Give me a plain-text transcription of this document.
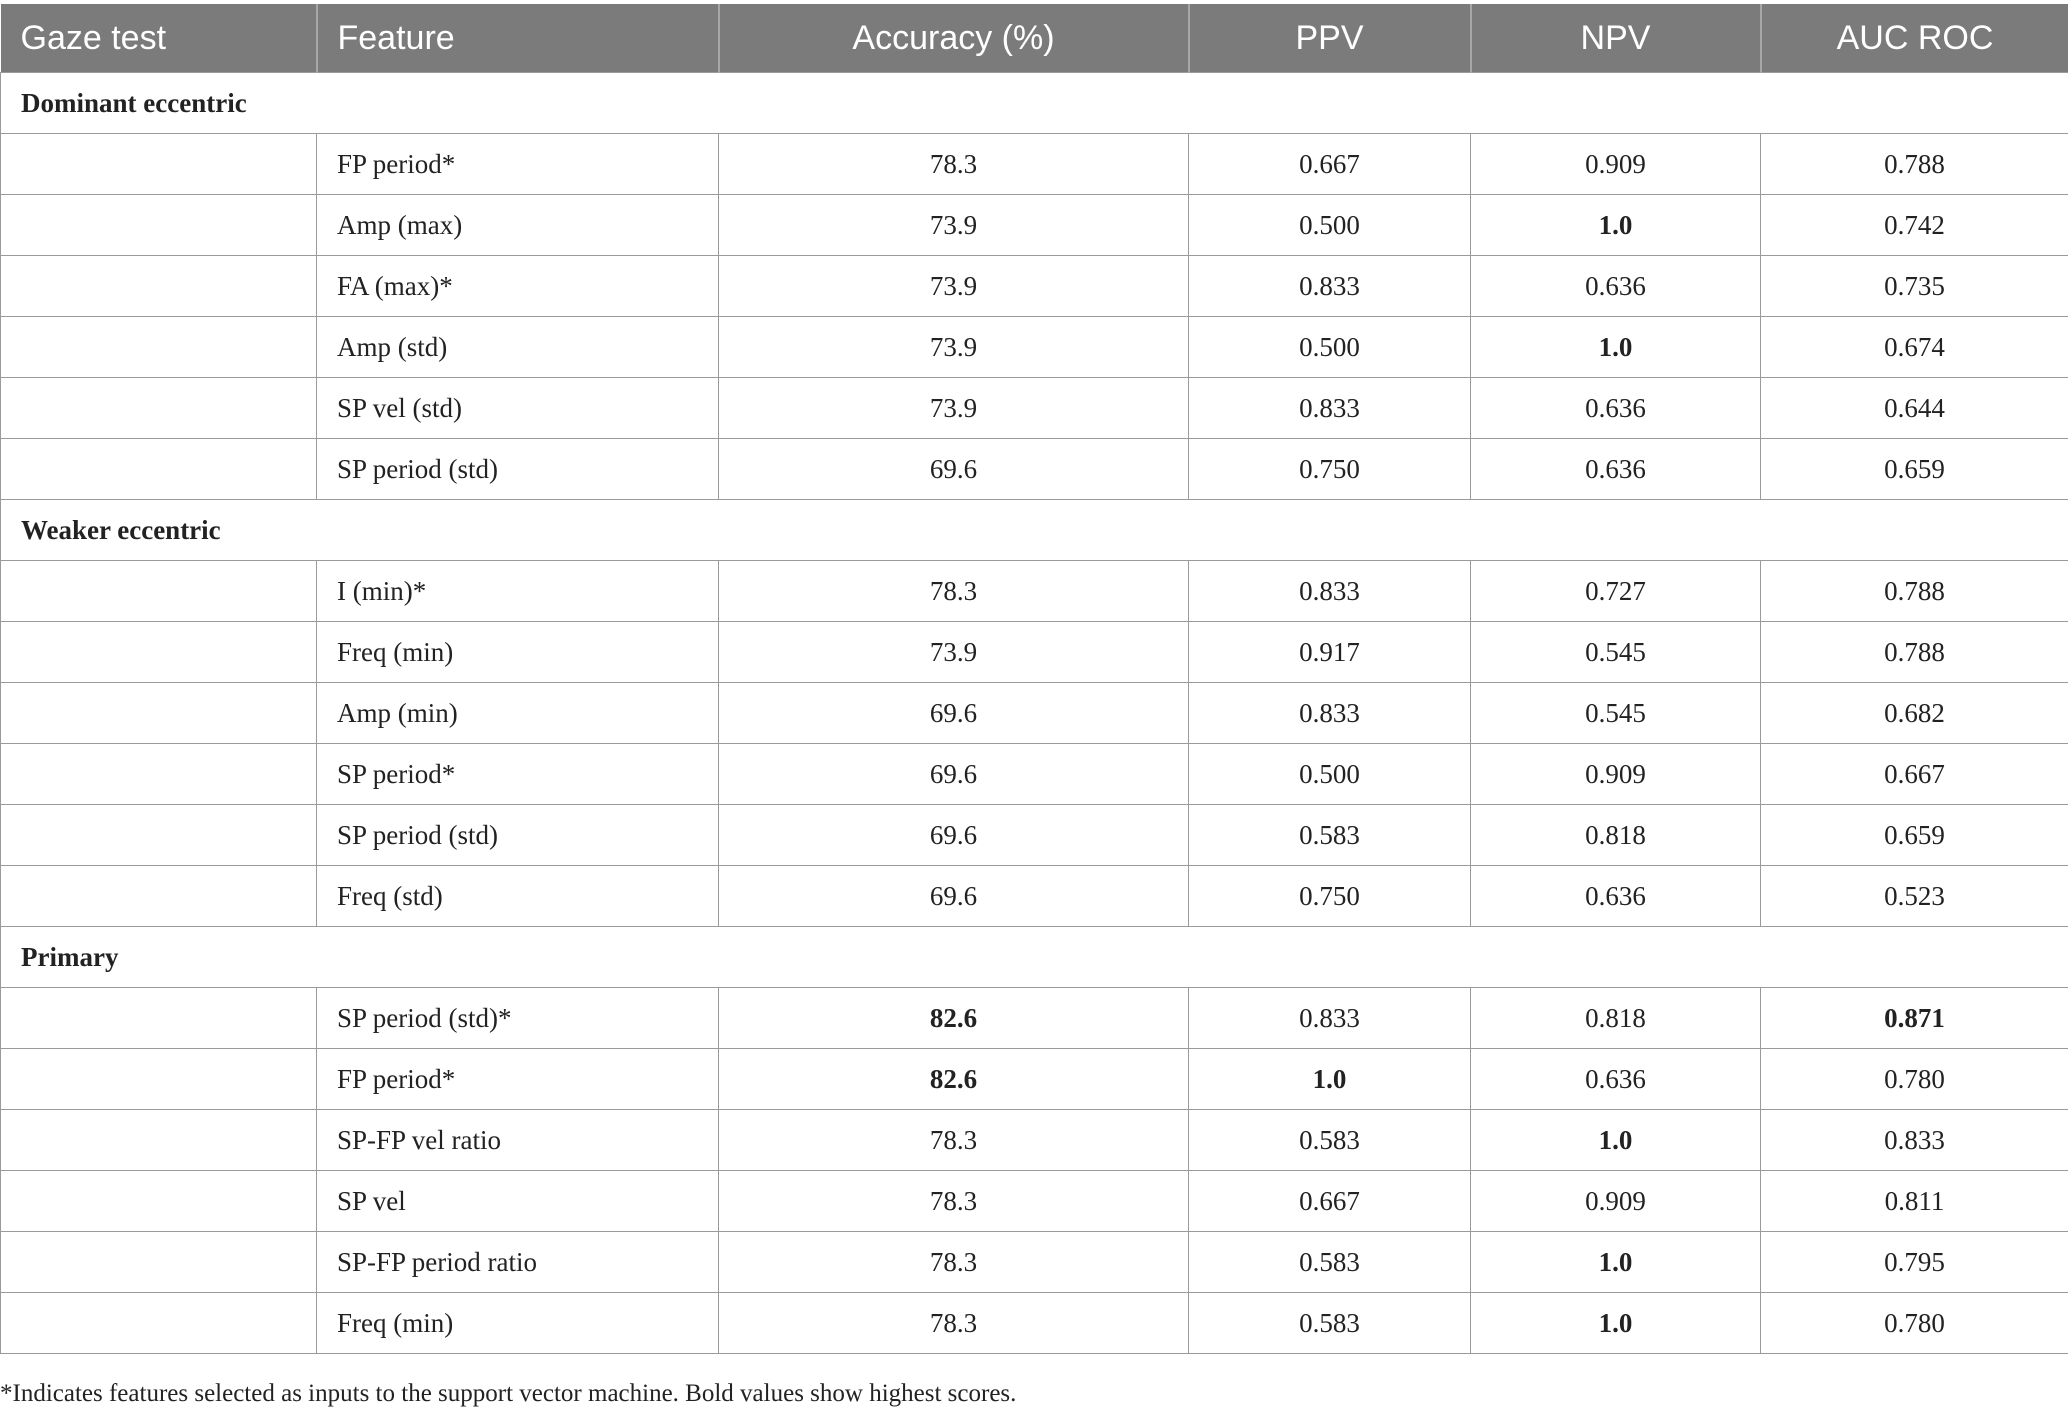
Gaze test	Feature	Accuracy (%)	PPV	NPV	AUC ROC
Dominant eccentric					
	FP period*	78.3	0.667	0.909	0.788
	Amp (max)	73.9	0.500	1.0	0.742
	FA (max)*	73.9	0.833	0.636	0.735
	Amp (std)	73.9	0.500	1.0	0.674
	SP vel (std)	73.9	0.833	0.636	0.644
	SP period (std)	69.6	0.750	0.636	0.659
Weaker eccentric					
	I (min)*	78.3	0.833	0.727	0.788
	Freq (min)	73.9	0.917	0.545	0.788
	Amp (min)	69.6	0.833	0.545	0.682
	SP period*	69.6	0.500	0.909	0.667
	SP period (std)	69.6	0.583	0.818	0.659
	Freq (std)	69.6	0.750	0.636	0.523
Primary					
	SP period (std)*	82.6	0.833	0.818	0.871
	FP period*	82.6	1.0	0.636	0.780
	SP-FP vel ratio	78.3	0.583	1.0	0.833
	SP vel	78.3	0.667	0.909	0.811
	SP-FP period ratio	78.3	0.583	1.0	0.795
	Freq (min)	78.3	0.583	1.0	0.780
*Indicates features selected as inputs to the support vector machine. Bold values show highest scores.
